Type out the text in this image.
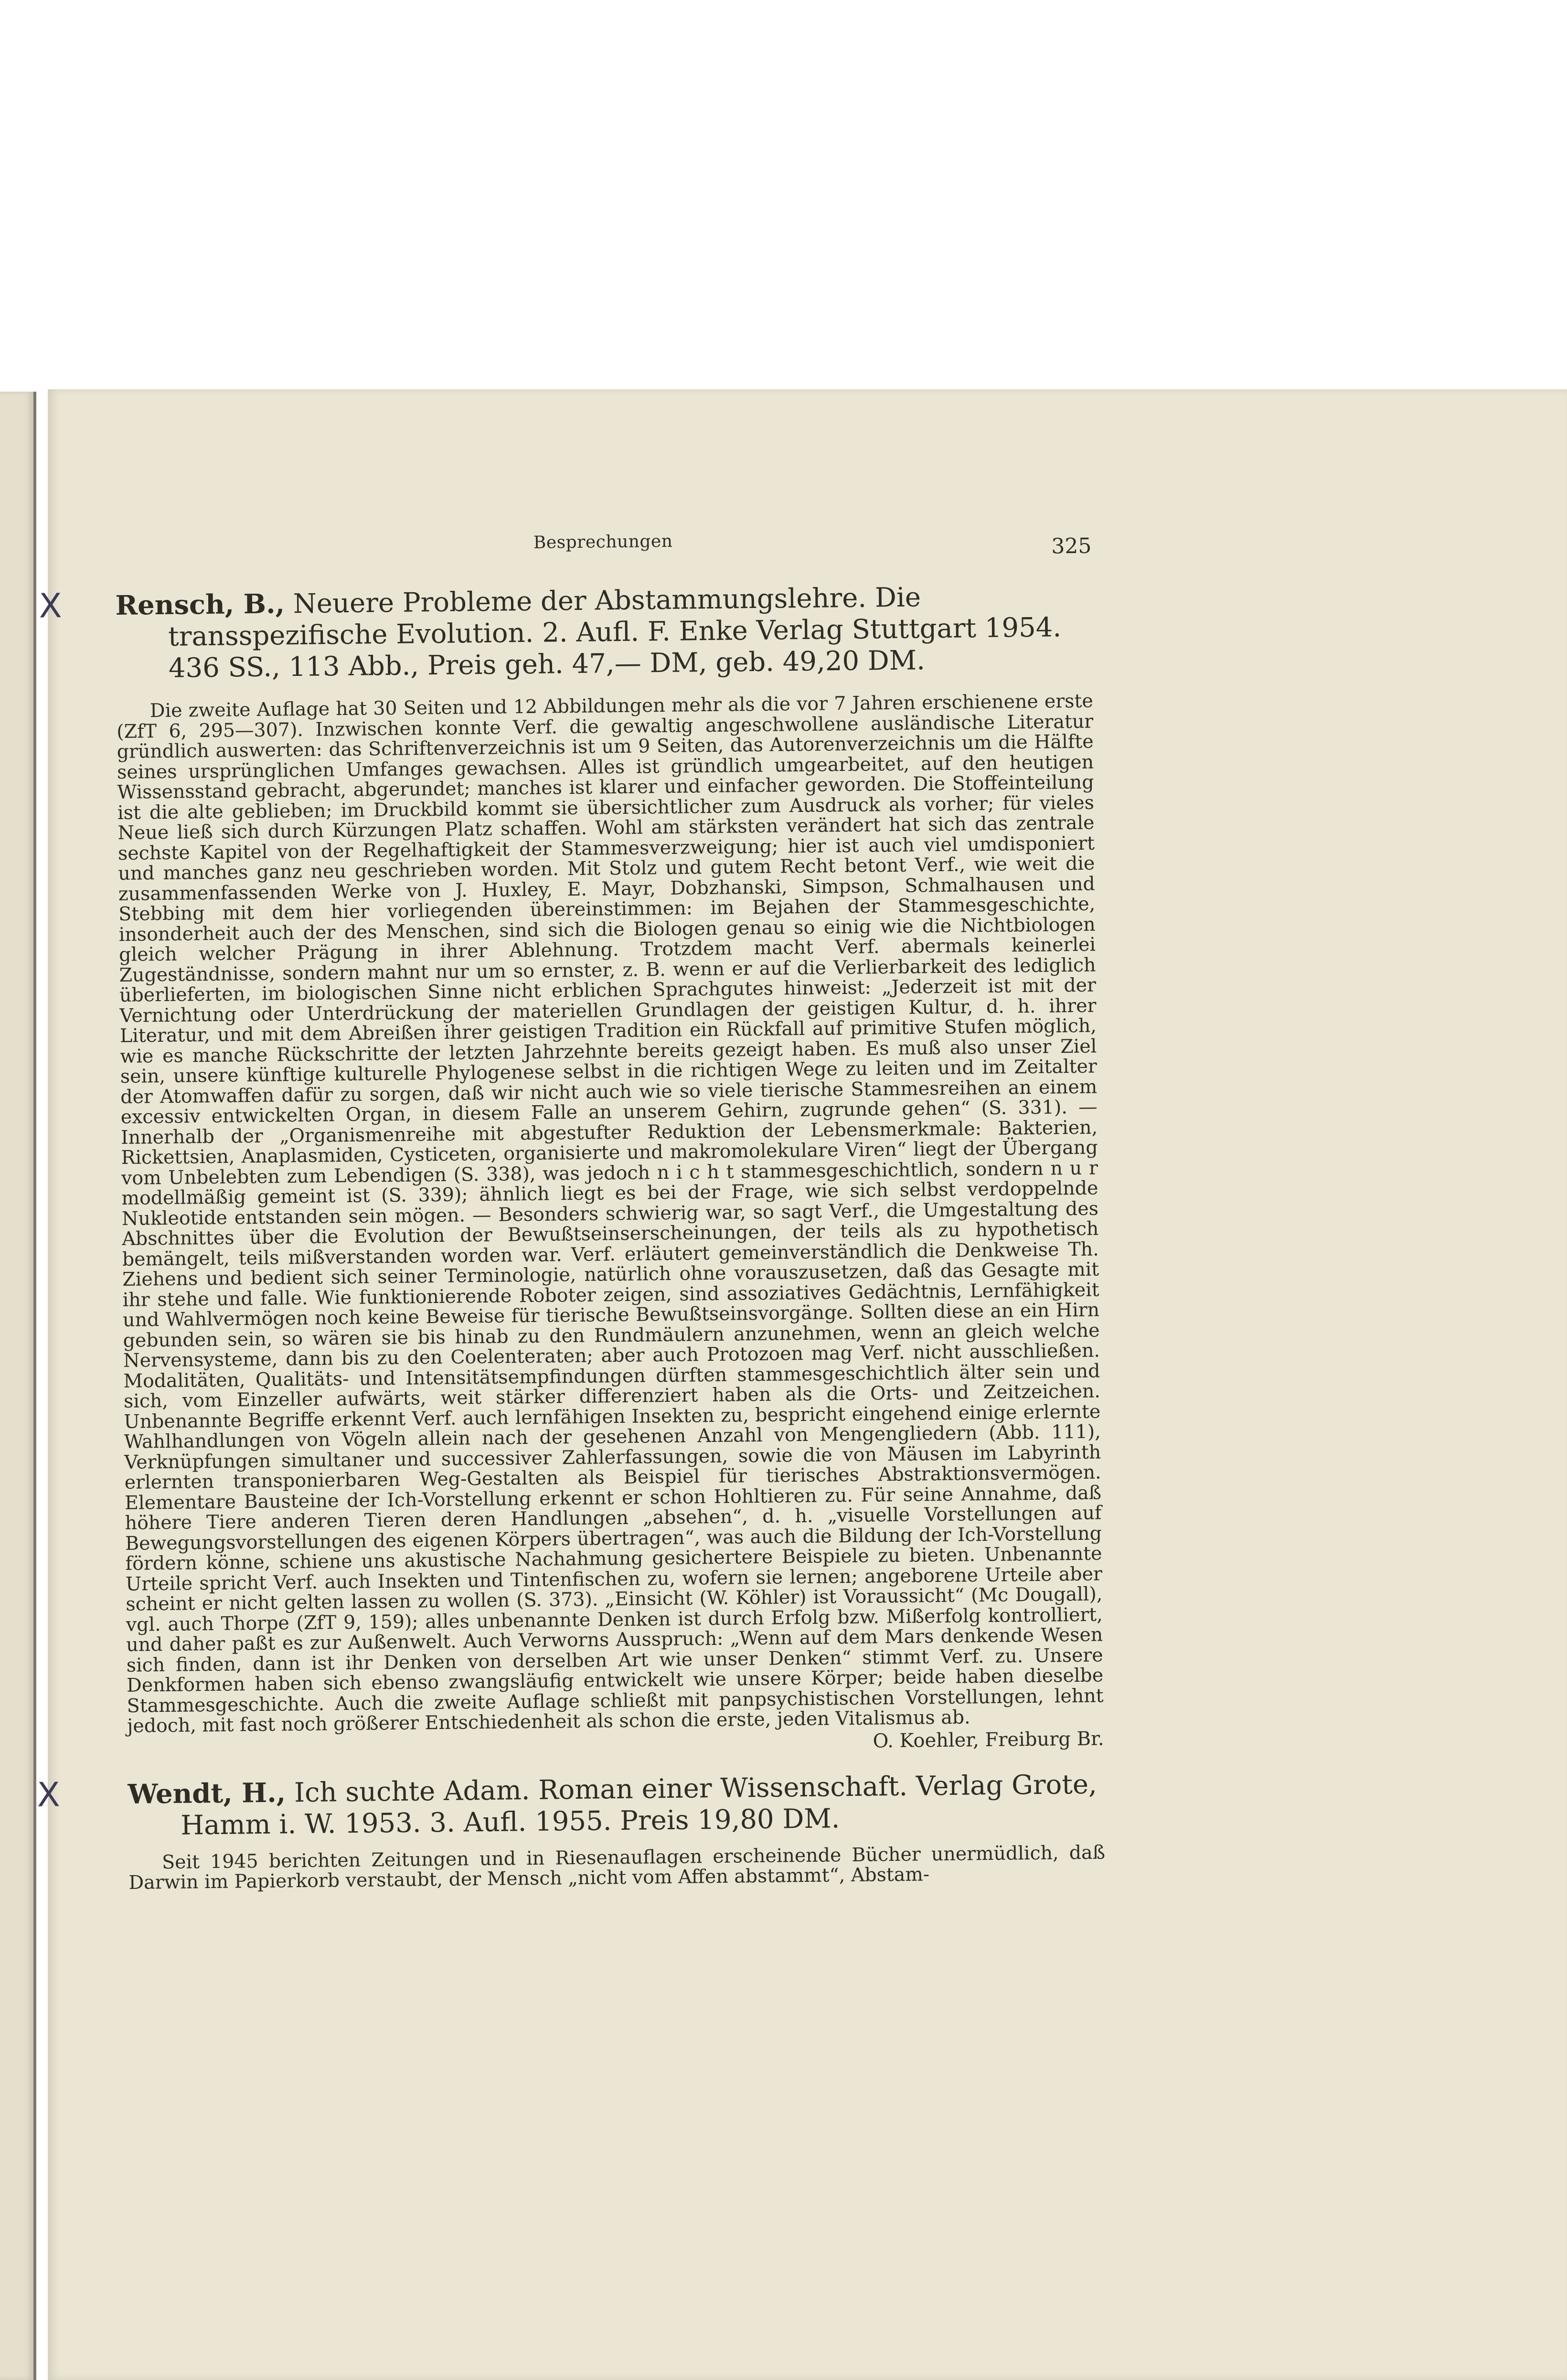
Besprechungen	325
X	Rensch, B., Neuere Probleme der Abstammungslehre. Die transspezifische Evolution. 2. Aufl. F. Enke Verlag Stuttgart 1954. 436 SS., 113 Abb., Preis geh. 47,— DM, geb. 49,20 DM.
Die zweite Auflage hat 30 Seiten und 12 Abbildungen mehr als die vor 7 Jahren erschienene erste (ZfT 6, 295—307). Inzwischen konnte Verf. die gewaltig angeschwollene ausländische Literatur gründlich auswerten: das Schriftenverzeichnis ist um 9 Seiten, das Autorenverzeichnis um die Hälfte seines ursprünglichen Umfanges gewachsen. Alles ist gründlich umgearbeitet, auf den heutigen Wissensstand gebracht, abgerundet; manches ist klarer und einfacher geworden. Die Stoffeinteilung ist die alte geblieben; im Druckbild kommt sie übersichtlicher zum Ausdruck als vorher; für vieles Neue ließ sich durch Kürzungen Platz schaffen. Wohl am stärksten verändert hat sich das zentrale sechste Kapitel von der Regelhaftigkeit der Stammesverzweigung; hier ist auch viel umdisponiert und manches ganz neu geschrieben worden. Mit Stolz und gutem Recht betont Verf., wie weit die zusammenfassenden Werke von J. Huxley, E. Mayr, Dobzhanski, Simpson, Schmalhausen und Stebbing mit dem hier vorliegenden übereinstimmen: im Bejahen der Stammesgeschichte, insonderheit auch der des Menschen, sind sich die Biologen genau so einig wie die Nichtbiologen gleich welcher Prägung in ihrer Ablehnung. Trotzdem macht Verf. abermals keinerlei Zugeständnisse, sondern mahnt nur um so ernster, z. B. wenn er auf die Verlierbarkeit des lediglich überlieferten, im biologischen Sinne nicht erblichen Sprachgutes hinweist: „Jederzeit ist mit der Vernichtung oder Unterdrückung der materiellen Grundlagen der geistigen Kultur, d. h. ihrer Literatur, und mit dem Abreißen ihrer geistigen Tradition ein Rückfall auf primitive Stufen möglich, wie es manche Rückschritte der letzten Jahrzehnte bereits gezeigt haben. Es muß also unser Ziel sein, unsere künftige kulturelle Phylogenese selbst in die richtigen Wege zu leiten und im Zeitalter der Atomwaffen dafür zu sorgen, daß wir nicht auch wie so viele tierische Stammesreihen an einem excessiv entwickelten Organ, in diesem Falle an unserem Gehirn, zugrunde gehen“ (S. 331). — Innerhalb der „Organismenreihe mit abgestufter Reduktion der Lebensmerkmale: Bakterien, Rickettsien, Anaplasmiden, Cysticeten, organisierte und makromolekulare Viren“ liegt der Übergang vom Unbelebten zum Lebendigen (S. 338), was jedoch n i c h t stammesgeschichtlich, sondern n u r modellmäßig gemeint ist (S. 339); ähnlich liegt es bei der Frage, wie sich selbst verdoppelnde Nukleotide entstanden sein mögen. — Besonders schwierig war, so sagt Verf., die Umgestaltung des Abschnittes über die Evolution der Bewußtseinserscheinungen, der teils als zu hypothetisch bemängelt, teils mißverstanden worden war. Verf. erläutert gemeinverständlich die Denkweise Th. Ziehens und bedient sich seiner Terminologie, natürlich ohne vorauszusetzen, daß das Gesagte mit ihr stehe und falle. Wie funktionierende Roboter zeigen, sind assoziatives Gedächtnis, Lernfähigkeit und Wahlvermögen noch keine Beweise für tierische Bewußtseinsvorgänge. Sollten diese an ein Hirn gebunden sein, so wären sie bis hinab zu den Rundmäulern anzunehmen, wenn an gleich welche Nervensysteme, dann bis zu den Coelenteraten; aber auch Protozoen mag Verf. nicht ausschließen. Modalitäten, Qualitäts- und Intensitätsempfindungen dürften stammesgeschichtlich älter sein und sich, vom Einzeller aufwärts, weit stärker differenziert haben als die Orts- und Zeitzeichen. Unbenannte Begriffe erkennt Verf. auch lernfähigen Insekten zu, bespricht eingehend einige erlernte Wahlhandlungen von Vögeln allein nach der gesehenen Anzahl von Mengengliedern (Abb. 111), Verknüpfungen simultaner und successiver Zahlerfassungen, sowie die von Mäusen im Labyrinth erlernten transponierbaren Weg-Gestalten als Beispiel für tierisches Abstraktionsvermögen. Elementare Bausteine der Ich-Vorstellung erkennt er schon Hohltieren zu. Für seine Annahme, daß höhere Tiere anderen Tieren deren Handlungen „absehen“, d. h. „visuelle Vorstellungen auf Bewegungsvorstellungen des eigenen Körpers übertragen“, was auch die Bildung der Ich-Vorstellung fördern könne, schiene uns akustische Nachahmung gesichertere Beispiele zu bieten. Unbenannte Urteile spricht Verf. auch Insekten und Tintenfischen zu, wofern sie lernen; angeborene Urteile aber scheint er nicht gelten lassen zu wollen (S. 373). „Einsicht (W. Köhler) ist Voraussicht“ (Mc Dougall), vgl. auch Thorpe (ZfT 9, 159); alles unbenannte Denken ist durch Erfolg bzw. Mißerfolg kontrolliert, und daher paßt es zur Außenwelt. Auch Verworns Ausspruch: „Wenn auf dem Mars denkende Wesen sich finden, dann ist ihr Denken von derselben Art wie unser Denken“ stimmt Verf. zu. Unsere Denkformen haben sich ebenso zwangsläufig entwickelt wie unsere Körper; beide haben dieselbe Stammesgeschichte. Auch die zweite Auflage schließt mit panpsychistischen Vorstellungen, lehnt jedoch, mit fast noch größerer Entschiedenheit als schon die erste, jeden Vitalismus ab.
O. Koehler, Freiburg Br.
X	Wendt, H., Ich suchte Adam. Roman einer Wissenschaft. Verlag Grote, Hamm i. W. 1953. 3. Aufl. 1955. Preis 19,80 DM.
Seit 1945 berichten Zeitungen und in Riesenauflagen erscheinende Bücher unermüdlich, daß Darwin im Papierkorb verstaubt, der Mensch „nicht vom Affen abstammt“, Abstam-
